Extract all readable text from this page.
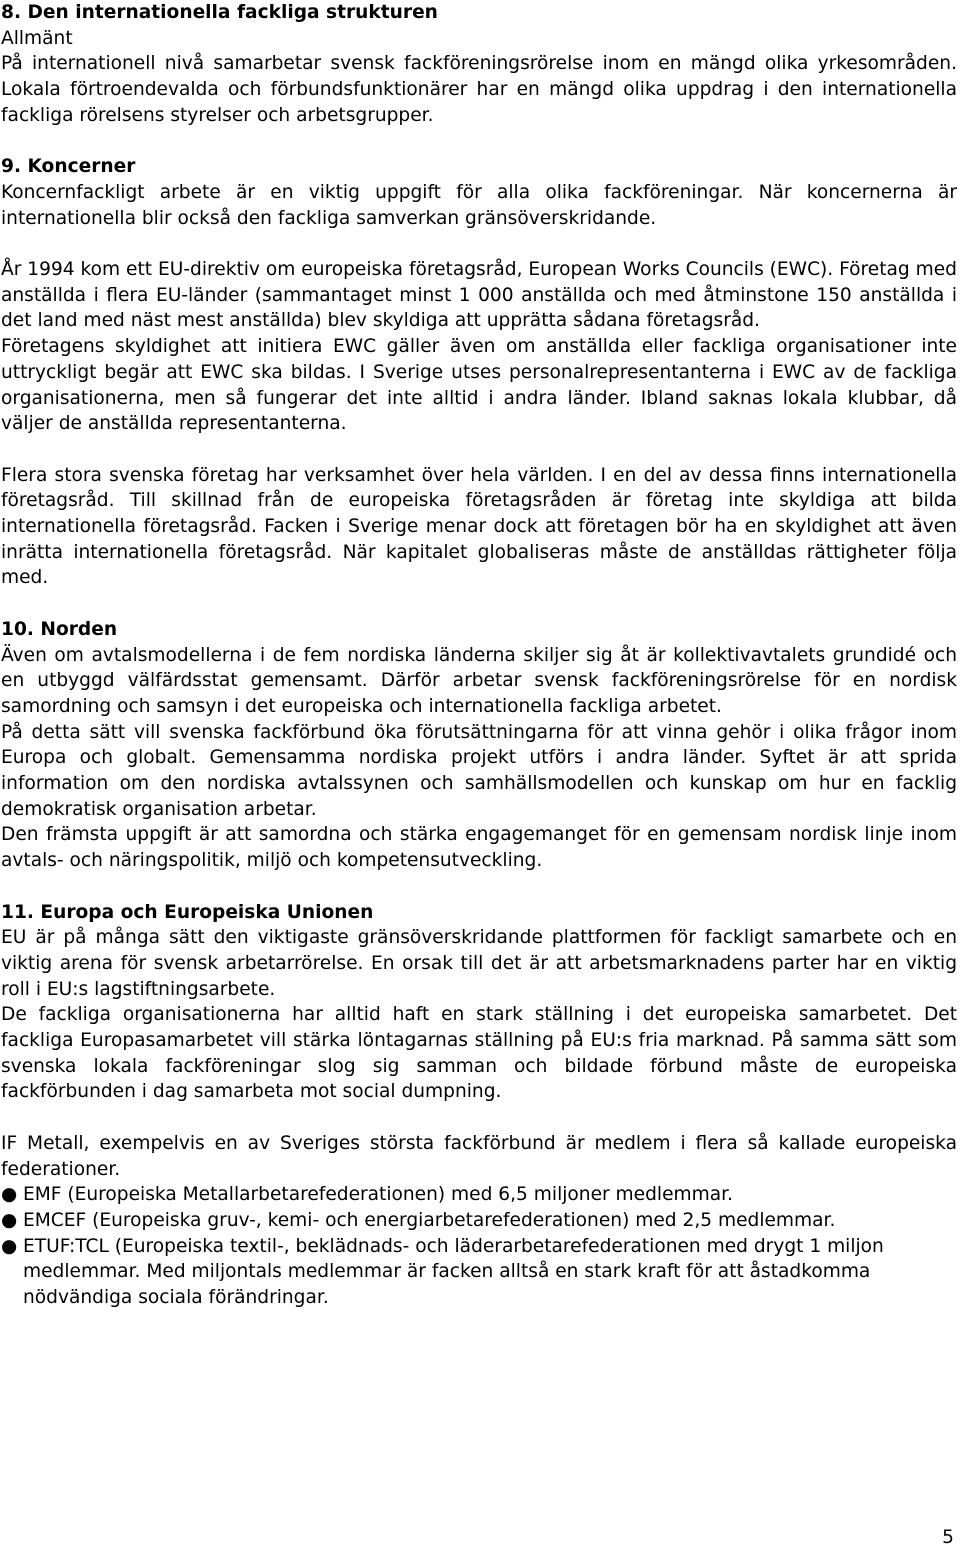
8. Den internationella fackliga strukturen
Allmänt

På internationell nivå samarbetar svensk fackföreningsrörelse inom en mängd olika yrkesområden. Lokala förtroendevalda och förbundsfunktionärer har en mängd olika uppdrag i den internationella fackliga rörelsens styrelser och arbetsgrupper.

9. Koncerner

Koncernfackligt arbete är en viktig uppgift för alla olika fackföreningar. När koncernerna är internationella blir också den fackliga samverkan gränsöverskridande.

År 1994 kom ett EU-direktiv om europeiska företagsråd, European Works Councils (EWC). Företag med anställda i flera EU-länder (sammantaget minst 1 000 anställda och med åtminstone 150 anställda i det land med näst mest anställda) blev skyldiga att upprätta sådana företagsråd.

Företagens skyldighet att initiera EWC gäller även om anställda eller fackliga organisationer inte uttryckligt begär att EWC ska bildas. I Sverige utses personalrepresentanterna i EWC av de fackliga organisationerna, men så fungerar det inte alltid i andra länder. Ibland saknas lokala klubbar, då väljer de anställda representanterna.

Flera stora svenska företag har verksamhet över hela världen. I en del av dessa finns internationella företagsråd. Till skillnad från de europeiska företagsråden är företag inte skyldiga att bilda internationella företagsråd. Facken i Sverige menar dock att företagen bör ha en skyldighet att även inrätta internationella företagsråd. När kapitalet globaliseras måste de anställdas rättigheter följa med.

10. Norden

Även om avtalsmodellerna i de fem nordiska länderna skiljer sig åt är kollektivavtalets grundidé och en utbyggd välfärdsstat gemensamt. Därför arbetar svensk fackföreningsrörelse för en nordisk samordning och samsyn i det europeiska och internationella fackliga arbetet.

På detta sätt vill svenska fackförbund öka förutsättningarna för att vinna gehör i olika frågor inom Europa och globalt. Gemensamma nordiska projekt utförs i andra länder. Syftet är att sprida information om den nordiska avtalssynen och samhällsmodellen och kunskap om hur en facklig demokratisk organisation arbetar.

Den främsta uppgift är att samordna och stärka engagemanget för en gemensam nordisk linje inom avtals- och näringspolitik, miljö och kompetensutveckling.

11. Europa och Europeiska Unionen

EU är på många sätt den viktigaste gränsöverskridande plattformen för fackligt samarbete och en viktig arena för svensk arbetarrörelse. En orsak till det är att arbetsmarknadens parter har en viktig roll i EU:s lagstiftningsarbete.

De fackliga organisationerna har alltid haft en stark ställning i det europeiska samarbetet. Det fackliga Europasamarbetet vill stärka löntagarnas ställning på EU:s fria marknad. På samma sätt som svenska lokala fackföreningar slog sig samman och bildade förbund måste de europeiska fackförbunden i dag samarbeta mot social dumpning.

IF Metall, exempelvis en av Sveriges största fackförbund är medlem i flera så kallade europeiska federationer.

● EMF (Europeiska Metallarbetarefederationen) med 6,5 miljoner medlemmar.
● EMCEF (Europeiska gruv-, kemi- och energiarbetarefederationen) med 2,5 medlemmar.
● ETUF:TCL (Europeiska textil-, beklädnads- och läderarbetarefederationen med drygt 1 miljon medlemmar. Med miljontals medlemmar är facken alltså en stark kraft för att åstadkomma nödvändiga sociala förändringar.
5
